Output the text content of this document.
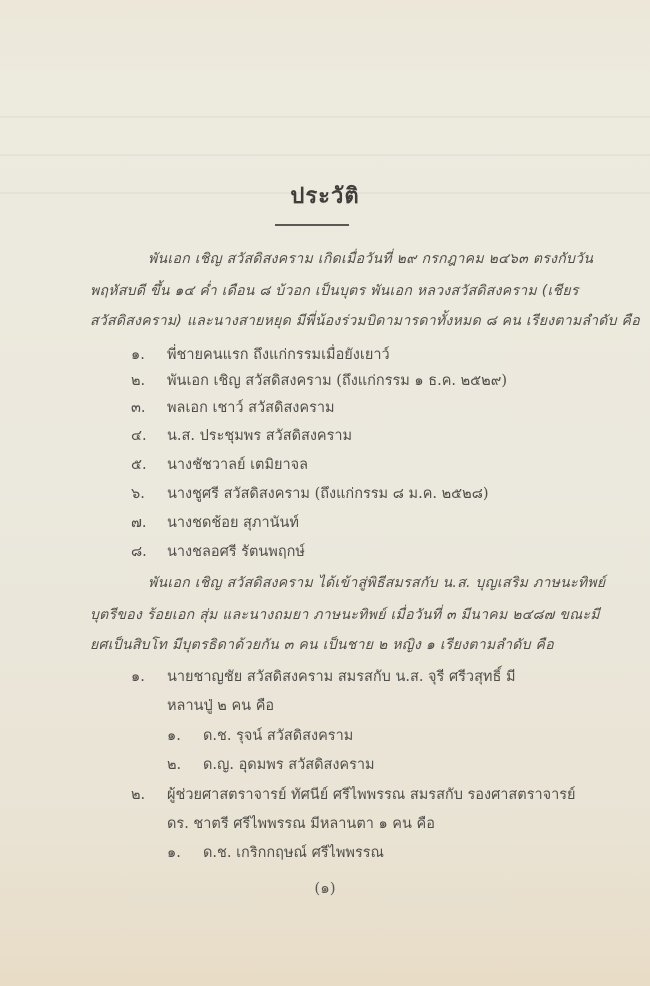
ประวัติ
พันเอก เชิญ สวัสดิสงคราม เกิดเมื่อวันที่ ๒๙ กรกฎาคม ๒๔๖๓ ตรงกับวัน
พฤหัสบดี ขึ้น ๑๔ ค่ำ เดือน ๘ บ้วอก เป็นบุตร พันเอก หลวงสวัสดิสงคราม (เชียร
สวัสดิสงคราม) และนางสายหยุด มีพี่น้องร่วมบิดามารดาทั้งหมด ๘ คน เรียงตามลำดับ คือ
๑. พี่ชายคนแรก ถึงแก่กรรมเมื่อยังเยาว์
๒. พันเอก เชิญ สวัสดิสงคราม (ถึงแก่กรรม ๑ ธ.ค. ๒๕๒๙)
๓. พลเอก เชาว์ สวัสดิสงคราม
๔. น.ส. ประชุมพร สวัสดิสงคราม
๕. นางชัชวาลย์ เตมิยาจล
๖. นางชูศรี สวัสดิสงคราม (ถึงแก่กรรม ๘ ม.ค. ๒๕๒๘)
๗. นางชดช้อย สุภานันท์
๘. นางชลอศรี รัตนพฤกษ์
พันเอก เชิญ สวัสดิสงคราม ได้เข้าสู่พิธีสมรสกับ น.ส. บุญเสริม ภาษนะทิพย์
บุตรีของ ร้อยเอก สุ่ม และนางถมยา ภาษนะทิพย์ เมื่อวันที่ ๓ มีนาคม ๒๔๘๗ ขณะมี
ยศเป็นสิบโท มีบุตรธิดาด้วยกัน ๓ คน เป็นชาย ๒ หญิง ๑ เรียงตามลำดับ คือ
๑. นายชาญชัย สวัสดิสงคราม สมรสกับ น.ส. จุรี ศรีวสุทธิ์ มี
หลานปู่ ๒ คน คือ
๑. ด.ช. รุจน์ สวัสดิสงคราม
๒. ด.ญ. อุดมพร สวัสดิสงคราม
๒. ผู้ช่วยศาสตราจารย์ ทัศนีย์ ศรีไพพรรณ สมรสกับ รองศาสตราจารย์
ดร. ชาตรี ศรีไพพรรณ มีหลานตา ๑ คน คือ
๑. ด.ช. เกริกกฤษณ์ ศรีไพพรรณ
(๑)
